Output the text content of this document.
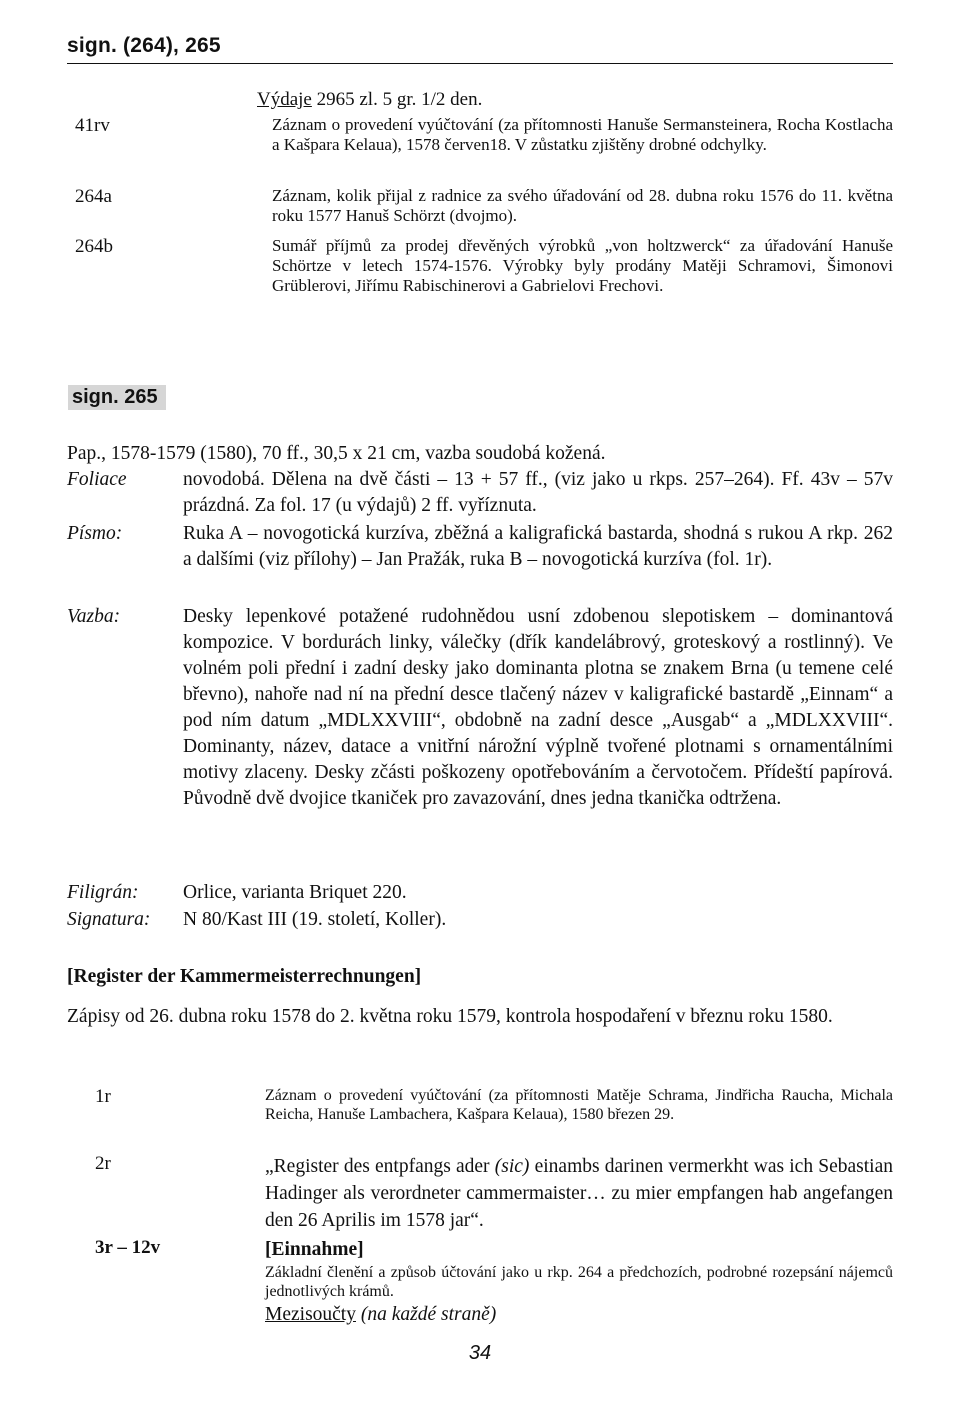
sign. (264), 265
Výdaje 2965 zl. 5 gr. 1/2 den.
41rv	Záznam o provedení vyúčtování (za přítomnosti Hanuše Sermansteinera, Rocha Kostlacha a Kašpara Kelaua), 1578 červen18. V zůstatku zjištěny drobné odchylky.
264a	Záznam, kolik přijal z radnice za svého úřadování od 28. dubna roku 1576 do 11. května roku 1577 Hanuš Schörzt (dvojmo).
264b	Sumář příjmů za prodej dřevěných výrobků „von holtzwerck“ za úřadování Hanuše Schörtze v letech 1574-1576. Výrobky byly prodány Matěji Schramovi, Šimonovi Grüblerovi, Jiřímu Rabischinerovi a Gabrielovi Frechovi.
sign. 265
Pap., 1578-1579 (1580), 70 ff., 30,5 x 21 cm, vazba soudobá kožená.
Foliace	novodobá. Dělena na dvě části – 13 + 57 ff., (viz jako u rkps. 257–264). Ff. 43v – 57v prázdná. Za fol. 17 (u výdajů) 2 ff. vyříznuta.
Písmo:	Ruka A – novogotická kurzíva, zběžná a kaligrafická bastarda, shodná s rukou A rkp. 262 a dalšími (viz přílohy) – Jan Pražák, ruka B – novogotická kurzíva (fol. 1r).
Vazba:	Desky lepenkové potažené rudohnědou usní zdobenou slepotiskem – dominantová kompozice. V bordurách linky, válečky (dřík kandelábrový, groteskový a rostlinný). Ve volném poli přední i zadní desky jako dominanta plotna se znakem Brna (u temene celé břevno), nahoře nad ní na přední desce tlačený název v kaligrafické bastardě „Einnam“ a pod ním datum „MDLXXVIII“, obdobně na zadní desce „Ausgab“ a „MDLXXVIII“. Dominanty, název, datace a vnitřní nárožní výplně tvořené plotnami s ornamentálními motivy zlaceny. Desky zčásti poškozeny opotřebováním a červotočem. Přídeští papírová. Původně dvě dvojice tkaniček pro zavazování, dnes jedna tkanička odtržena.
Filigrán: Orlice, varianta Briquet 220.
Signatura: N 80/Kast III (19. století, Koller).
[Register der Kammermeisterrechnungen]
Zápisy od 26. dubna roku 1578 do 2. května roku 1579, kontrola hospodaření v březnu roku 1580.
1r	Záznam o provedení vyúčtování (za přítomnosti Matěje Schrama, Jindřicha Raucha, Michala Reicha, Hanuše Lambachera, Kašpara Kelaua), 1580 březen 29.
2r	„Register des entpfangs ader (sic) einambs darinen vermerkht was ich Sebastian Hadinger als verordneter cammermaister… zu mier empfangen hab angefangen den 26 Aprilis im 1578 jar“.
3r – 12v	[Einnahme]
Základní členění a způsob účtování jako u rkp. 264 a předchozích, podrobné rozepsání nájemců jednotlivých krámů.
Mezisoučty (na každé straně)
34
